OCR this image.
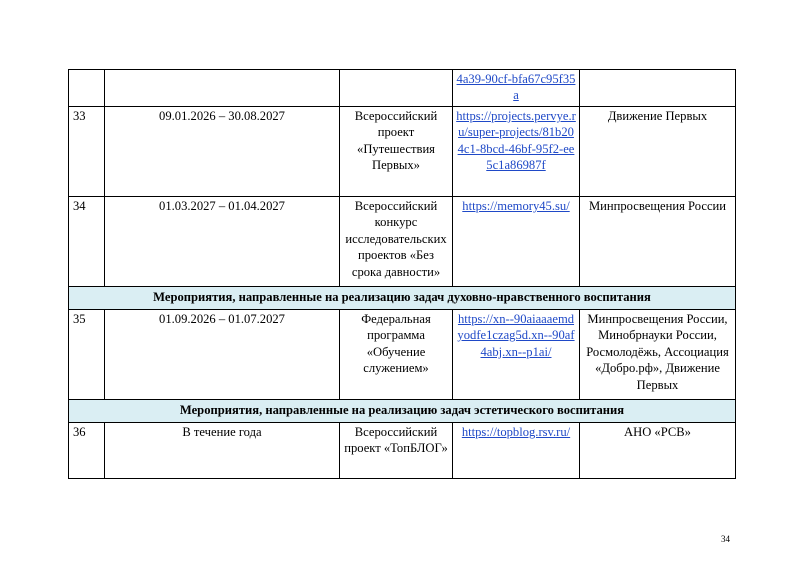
			4a39-90cf-bfa67c95f35a	
33	09.01.2026 – 30.08.2027	Всероссийский проект «Путешествия Первых»	https://projects.pervye.ru/super-projects/81b204c1-8bcd-46bf-95f2-ee5c1a86987f	Движение Первых
34	01.03.2027 – 01.04.2027	Всероссийский конкурс исследовательских проектов «Без срока давности»	https://memory45.su/	Минпросвещения России
Мероприятия, направленные на реализацию задач духовно-нравственного воспитания				
35	01.09.2026 – 01.07.2027	Федеральная программа «Обучение служением»	https://xn--90aiaaaemdyodfe1czag5d.xn--90af4abj.xn--p1ai/	Минпросвещения России, Минобрнауки России, Росмолодёжь, Ассоциация «Добро.рф», Движение Первых
Мероприятия, направленные на реализацию задач эстетического воспитания				
36	В течение года	Всероссийский проект «ТопБЛОГ»	https://topblog.rsv.ru/	АНО «РСВ»
34
